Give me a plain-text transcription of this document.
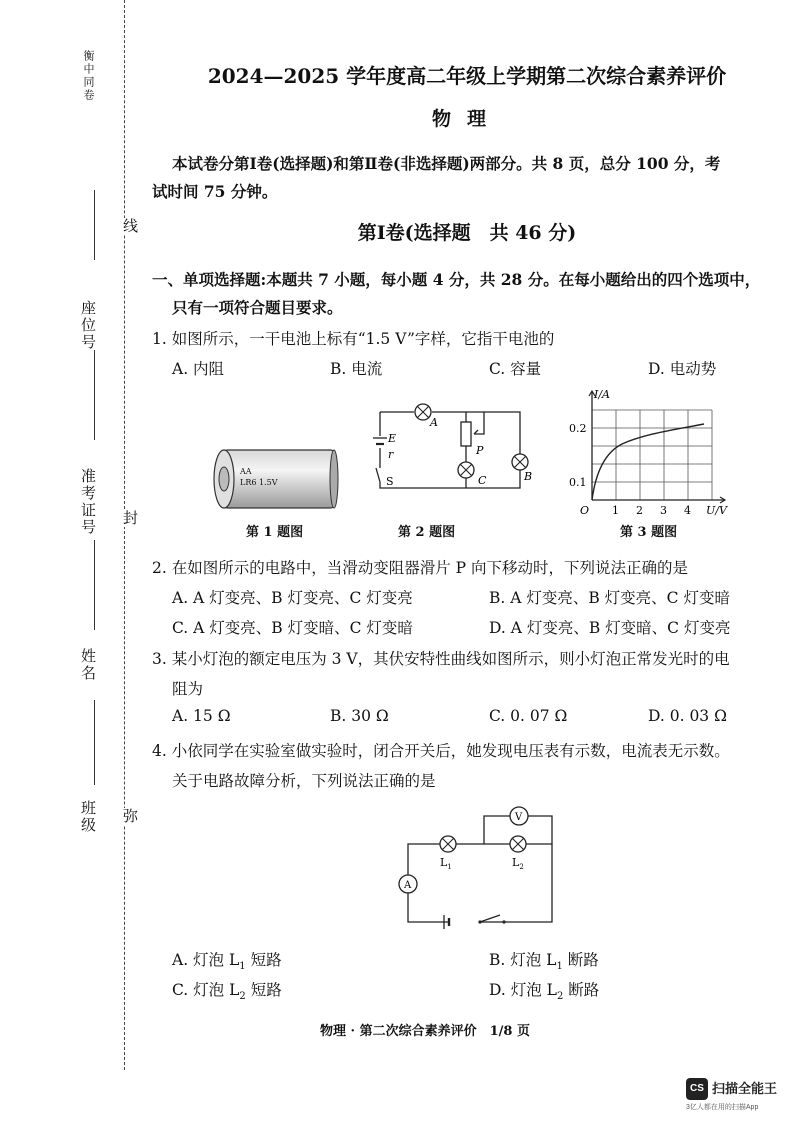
衡中同卷
座位号
线
准考证号 封
姓名
班级 弥
2024—2025 学年度高二年级上学期第二次综合素养评价
物理
本试卷分第Ⅰ卷(选择题)和第Ⅱ卷(非选择题)两部分。共 8 页，总分 100 分，考
试时间 75 分钟。
第Ⅰ卷(选择题　共 46 分)
一、单项选择题:本题共 7 小题，每小题 4 分，共 28 分。在每小题给出的四个选项中，
只有一项符合题目要求。
1. 如图所示，一干电池上标有“1.5 V”字样，它指干电池的
A. 内阻	B. 电流	C. 容量	D. 电动势
AA
LR6 1.5V
第 1 题图
E
r
S
A
P
C	B
第 2 题图
I/A
0.1
0.2
O 1 2 3 4 U/V
第 3 题图
2. 在如图所示的电路中，当滑动变阻器滑片 P 向下移动时，下列说法正确的是
A. A 灯变亮、B 灯变亮、C 灯变亮	B. A 灯变亮、B 灯变亮、C 灯变暗
C. A 灯变亮、B 灯变暗、C 灯变暗	D. A 灯变亮、B 灯变暗、C 灯变亮
3. 某小灯泡的额定电压为 3 V，其伏安特性曲线如图所示，则小灯泡正常发光时的电
阻为
A. 15 Ω	B. 30 Ω	C. 0. 07 Ω	D. 0. 03 Ω
4. 小依同学在实验室做实验时，闭合开关后，她发现电压表有示数，电流表无示数。
关于电路故障分析，下列说法正确的是
V
A
$L_1$	$L_2$
A. 灯泡 $L_1$ 短路	B. 灯泡 $L_1$ 断路
C. 灯泡 $L_2$ 短路	D. 灯泡 $L_2$ 断路
物理 · 第二次综合素养评价　1/8 页
CS 扫描全能王
3亿人都在用的扫描App
